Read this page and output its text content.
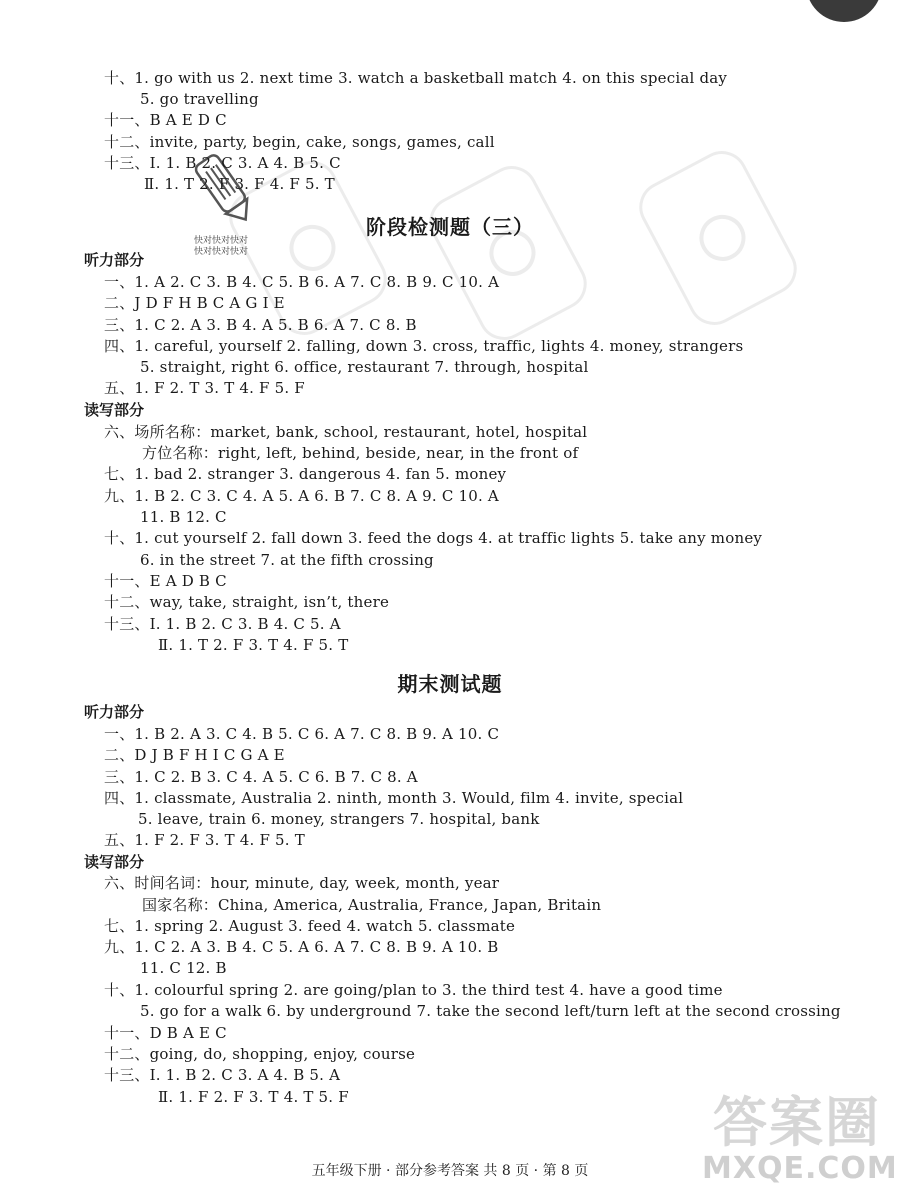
快对快对快对
快对快对快对
十、1. go with us 2. next time 3. watch a basketball match 4. on this special day
5. go travelling
十一、B A E D C
十二、invite, party, begin, cake, songs, games, call
十三、Ⅰ. 1. B 2. C 3. A 4. B 5. C
Ⅱ. 1. T 2. F 3. F 4. F 5. T
阶段检测题（三）
听力部分
一、1. A 2. C 3. B 4. C 5. B 6. A 7. C 8. B 9. C 10. A
二、J D F H B C A G I E
三、1. C 2. A 3. B 4. A 5. B 6. A 7. C 8. B
四、1. careful, yourself 2. falling, down 3. cross, traffic, lights 4. money, strangers
5. straight, right 6. office, restaurant 7. through, hospital
五、1. F 2. T 3. T 4. F 5. F
读写部分
六、场所名称：market, bank, school, restaurant, hotel, hospital
方位名称：right, left, behind, beside, near, in the front of
七、1. bad 2. stranger 3. dangerous 4. fan 5. money
九、1. B 2. C 3. C 4. A 5. A 6. B 7. C 8. A 9. C 10. A
11. B 12. C
十、1. cut yourself 2. fall down 3. feed the dogs 4. at traffic lights 5. take any money
6. in the street 7. at the fifth crossing
十一、E A D B C
十二、way, take, straight, isn’t, there
十三、Ⅰ. 1. B 2. C 3. B 4. C 5. A
Ⅱ. 1. T 2. F 3. T 4. F 5. T
期末测试题
听力部分
一、1. B 2. A 3. C 4. B 5. C 6. A 7. C 8. B 9. A 10. C
二、D J B F H I C G A E
三、1. C 2. B 3. C 4. A 5. C 6. B 7. C 8. A
四、1. classmate, Australia 2. ninth, month 3. Would, film 4. invite, special
5. leave, train 6. money, strangers 7. hospital, bank
五、1. F 2. F 3. T 4. F 5. T
读写部分
六、时间名词：hour, minute, day, week, month, year
国家名称：China, America, Australia, France, Japan, Britain
七、1. spring 2. August 3. feed 4. watch 5. classmate
九、1. C 2. A 3. B 4. C 5. A 6. A 7. C 8. B 9. A 10. B
11. C 12. B
十、1. colourful spring 2. are going/plan to 3. the third test 4. have a good time
5. go for a walk 6. by underground 7. take the second left/turn left at the second crossing
十一、D B A E C
十二、going, do, shopping, enjoy, course
十三、Ⅰ. 1. B 2. C 3. A 4. B 5. A
Ⅱ. 1. F 2. F 3. T 4. T 5. F	答案圈
MXQE.COM
五年级下册 · 部分参考答案 共 8 页 · 第 8 页
